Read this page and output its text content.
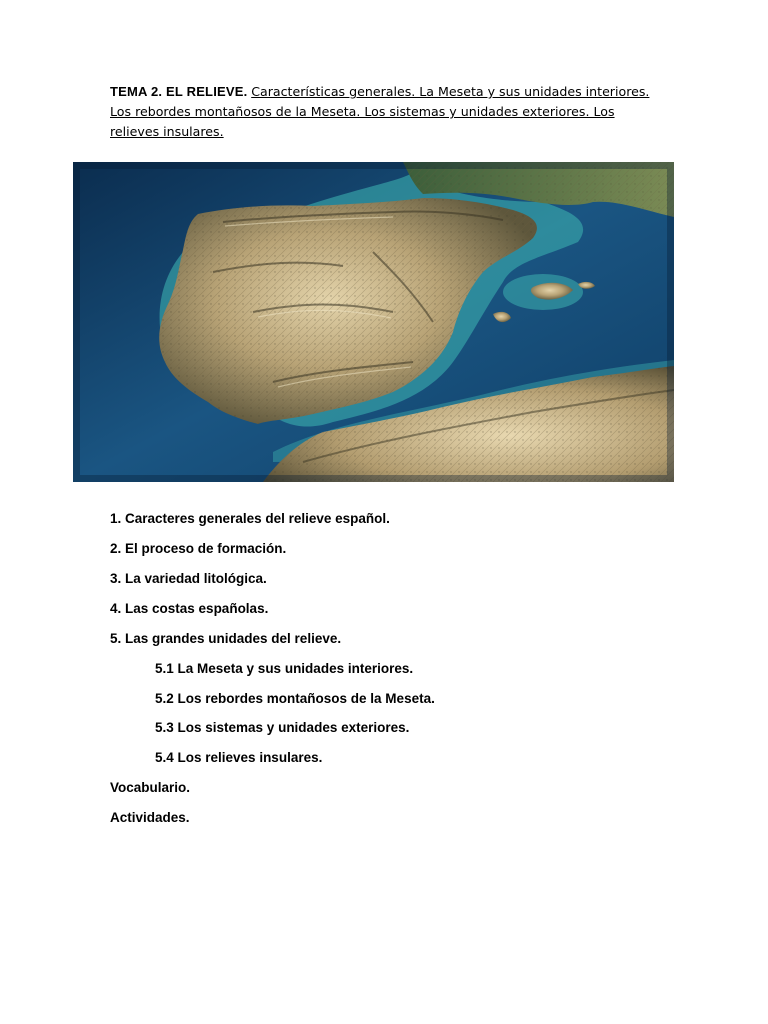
TEMA 2. EL RELIEVE. Características generales. La Meseta y sus unidades interiores. Los rebordes montañosos de la Meseta. Los sistemas y unidades exteriores. Los relieves insulares.
1. Caracteres generales del relieve español.
2. El proceso de formación.
3. La variedad litológica.
4. Las costas españolas.
5. Las grandes unidades del relieve.
5.1 La Meseta y sus unidades interiores.
5.2 Los rebordes montañosos de la Meseta.
5.3 Los sistemas y unidades exteriores.
5.4 Los relieves insulares.
Vocabulario.
Actividades.
